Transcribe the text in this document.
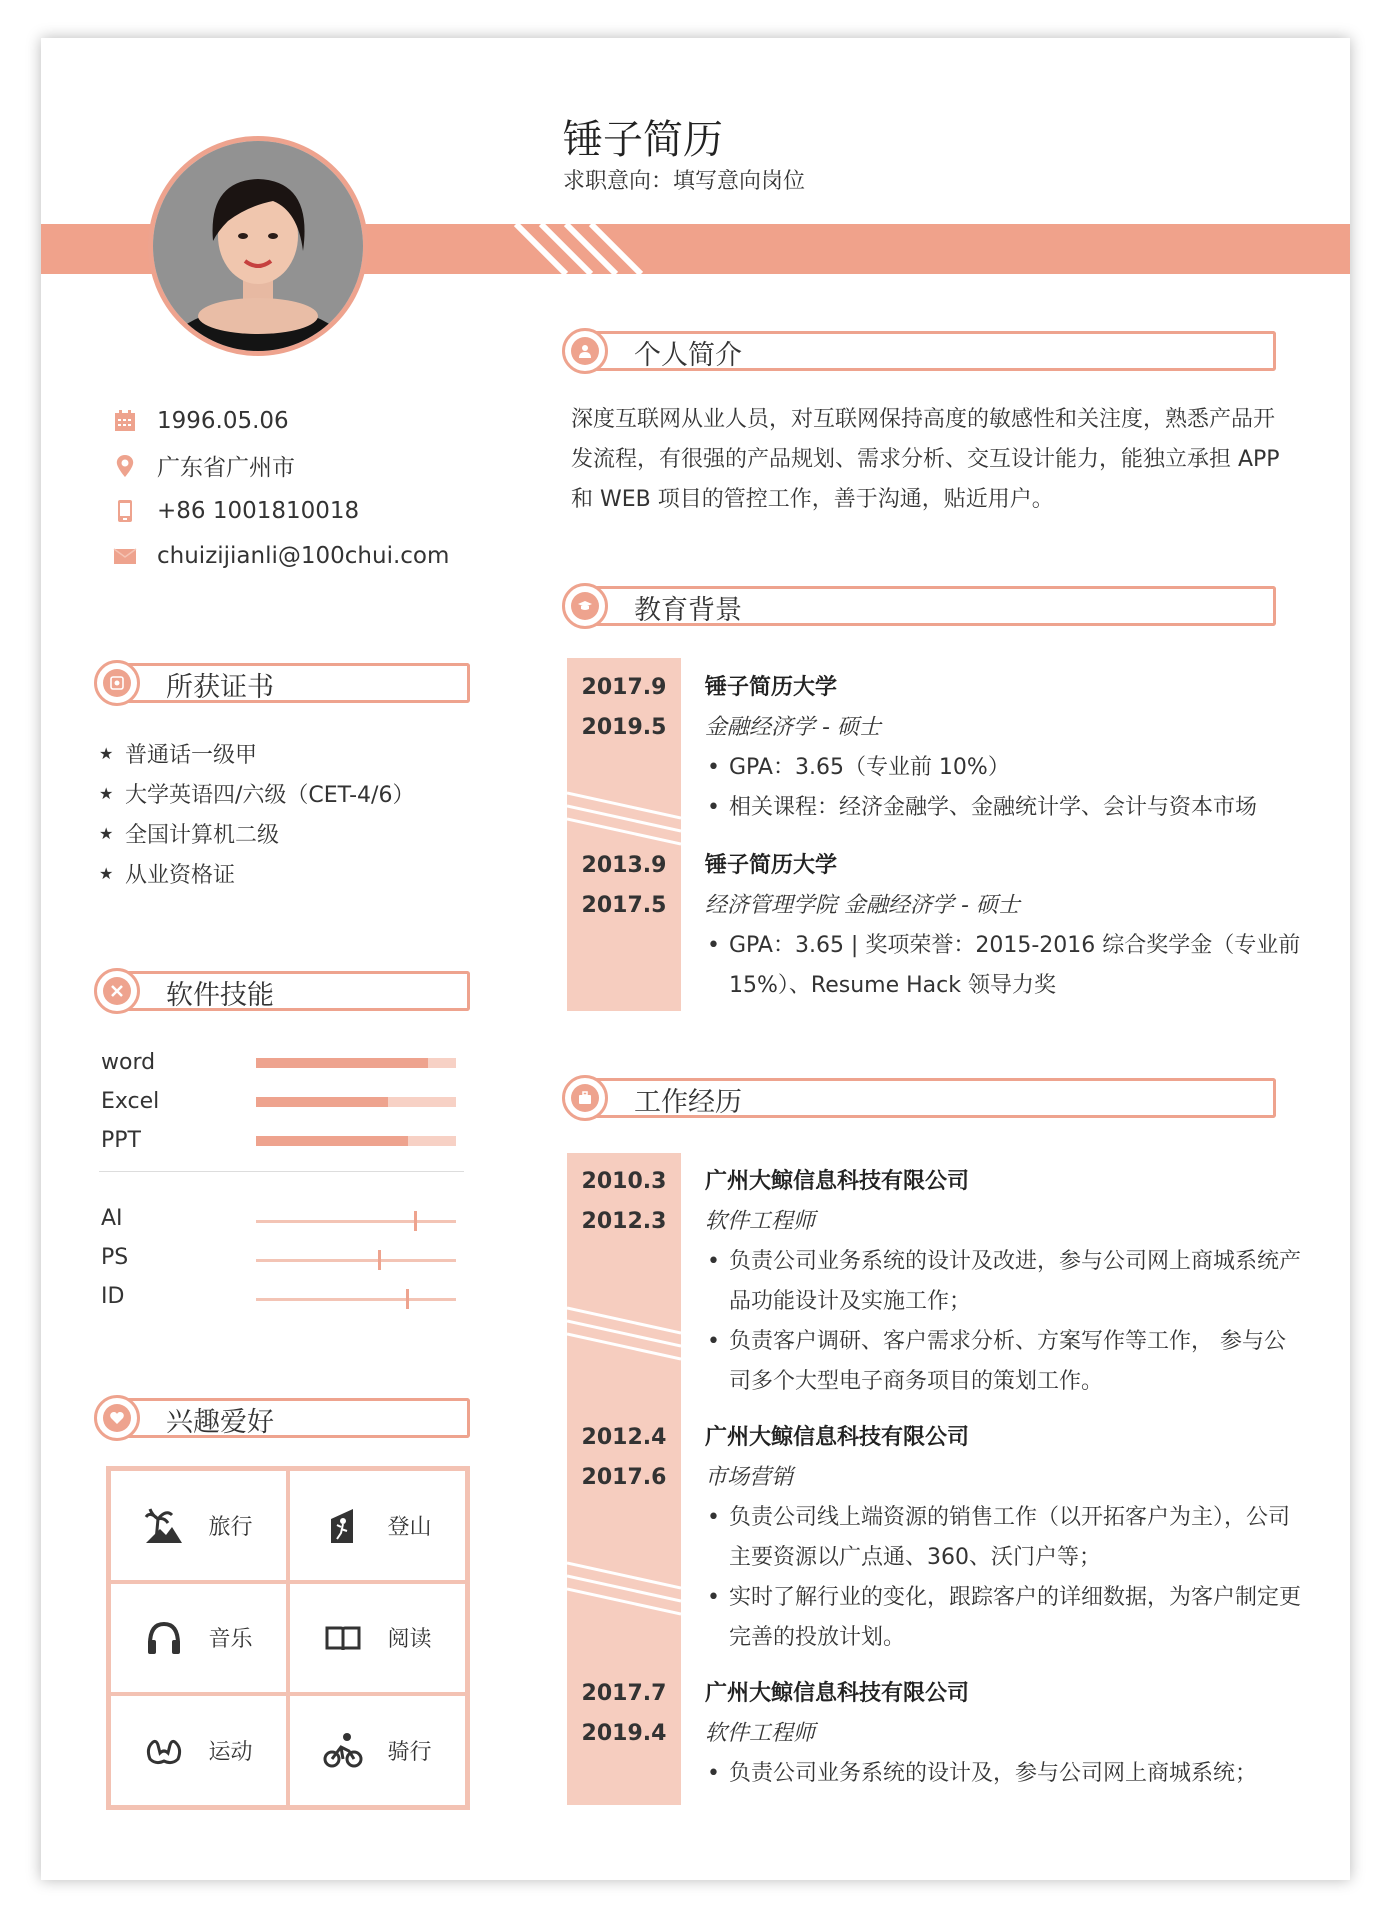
锤子简历
求职意向：填写意向岗位
1996.05.06
广东省广州市
+86 1001810018
chuizijianli@100chui.com
所获证书
★ 普通话一级甲
★ 大学英语四/六级（CET-4/6）
★ 全国计算机二级
★ 从业资格证
软件技能
word
Excel
PPT
AI
PS
ID
兴趣爱好
旅行	登山
音乐	阅读
运动	骑行
个人简介
深度互联网从业人员，对互联网保持高度的敏感性和关注度，熟悉产品开发流程，有很强的产品规划、需求分析、交互设计能力，能独立承担 APP 和 WEB 项目的管控工作，善于沟通，贴近用户。
教育背景
2017.9
2019.5
锤子简历大学
金融经济学 - 硕士
• GPA：3.65（专业前 10%）
• 相关课程：经济金融学、金融统计学、会计与资本市场
2013.9
2017.5
锤子简历大学
经济管理学院 金融经济学 - 硕士
• GPA：3.65 | 奖项荣誉：2015-2016 综合奖学金（专业前 15%）、Resume Hack 领导力奖
工作经历
2010.3
2012.3
广州大鲸信息科技有限公司
软件工程师
• 负责公司业务系统的设计及改进，参与公司网上商城系统产品功能设计及实施工作；
• 负责客户调研、客户需求分析、方案写作等工作， 参与公司多个大型电子商务项目的策划工作。
2012.4
2017.6
广州大鲸信息科技有限公司
市场营销
• 负责公司线上端资源的销售工作（以开拓客户为主），公司主要资源以广点通、360、沃门户等；
• 实时了解行业的变化，跟踪客户的详细数据，为客户制定更完善的投放计划。
2017.7
2019.4
广州大鲸信息科技有限公司
软件工程师
• 负责公司业务系统的设计及，参与公司网上商城系统；
